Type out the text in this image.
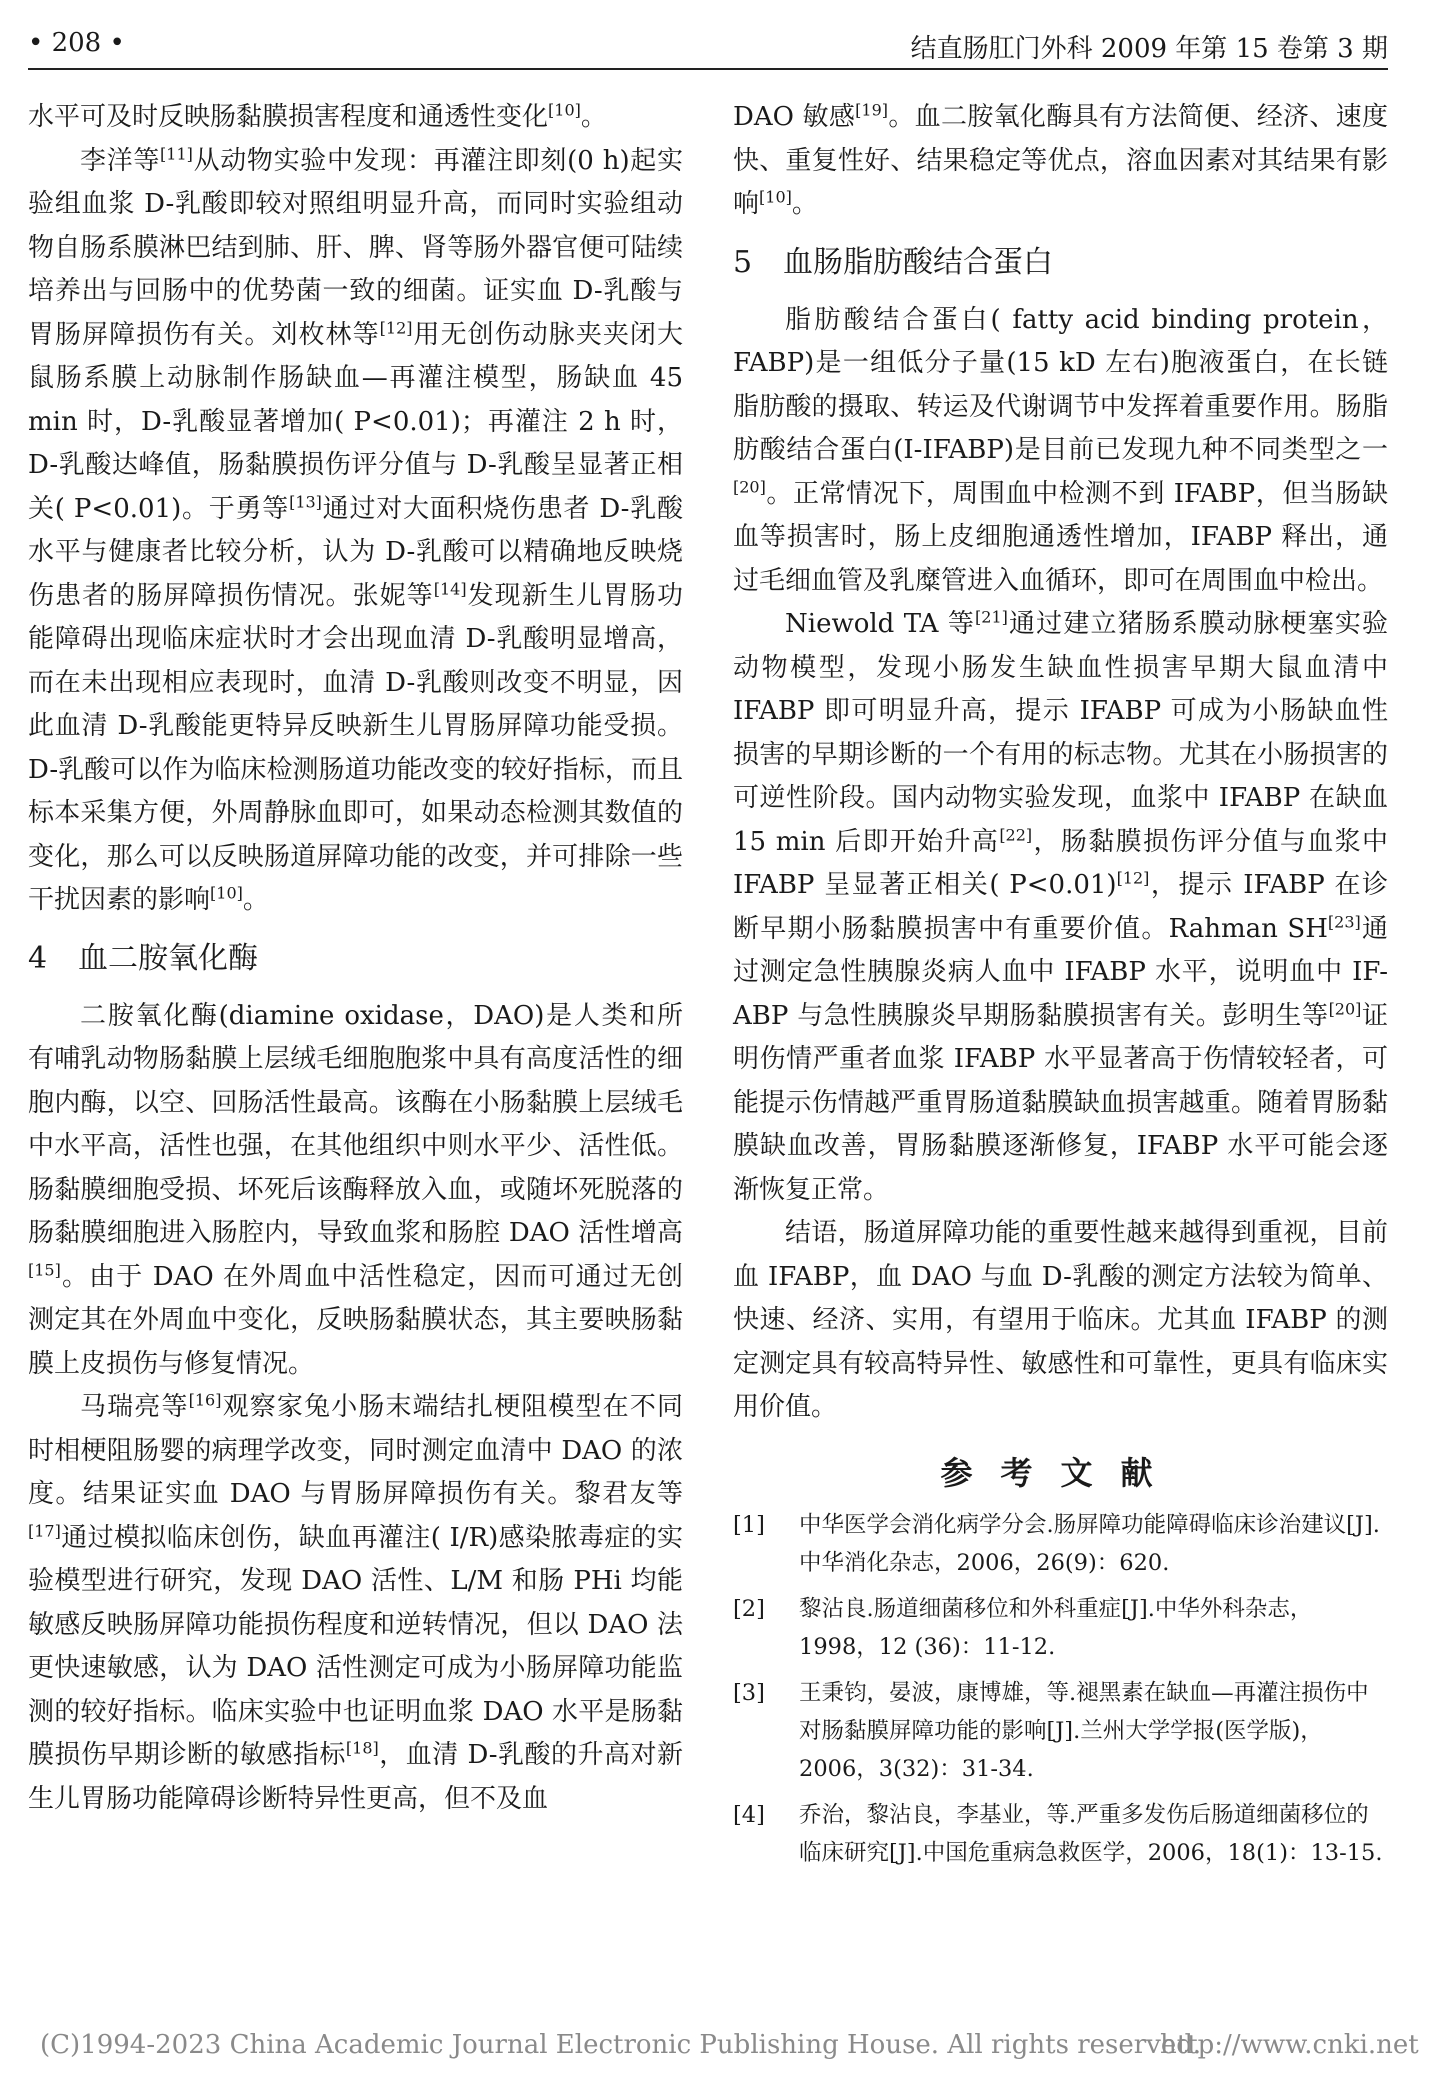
• 208 •	结直肠肛门外科 2009 年第 15 卷第 3 期

水平可及时反映肠黏膜损害程度和通透性变化[10]。

李洋等[11]从动物实验中发现：再灌注即刻(0 h)起实验组血浆 D-乳酸即较对照组明显升高，而同时实验组动物自肠系膜淋巴结到肺、肝、脾、肾等肠外器官便可陆续培养出与回肠中的优势菌一致的细菌。证实血 D-乳酸与胃肠屏障损伤有关。刘枚林等[12]用无创伤动脉夹夹闭大鼠肠系膜上动脉制作肠缺血—再灌注模型，肠缺血 45 min 时，D-乳酸显著增加( P<0.01)；再灌注 2 h 时，D-乳酸达峰值，肠黏膜损伤评分值与 D-乳酸呈显著正相关( P<0.01)。于勇等[13]通过对大面积烧伤患者 D-乳酸水平与健康者比较分析，认为 D-乳酸可以精确地反映烧伤患者的肠屏障损伤情况。张妮等[14]发现新生儿胃肠功能障碍出现临床症状时才会出现血清 D-乳酸明显增高，而在未出现相应表现时，血清 D-乳酸则改变不明显，因此血清 D-乳酸能更特异反映新生儿胃肠屏障功能受损。D-乳酸可以作为临床检测肠道功能改变的较好指标，而且标本采集方便，外周静脉血即可，如果动态检测其数值的变化，那么可以反映肠道屏障功能的改变，并可排除一些干扰因素的影响[10]。

4 血二胺氧化酶

二胺氧化酶(diamine oxidase，DAO)是人类和所有哺乳动物肠黏膜上层绒毛细胞胞浆中具有高度活性的细胞内酶，以空、回肠活性最高。该酶在小肠黏膜上层绒毛中水平高，活性也强，在其他组织中则水平少、活性低。肠黏膜细胞受损、坏死后该酶释放入血，或随坏死脱落的肠黏膜细胞进入肠腔内，导致血浆和肠腔 DAO 活性增高[15]。由于 DAO 在外周血中活性稳定，因而可通过无创测定其在外周血中变化，反映肠黏膜状态，其主要映肠黏膜上皮损伤与修复情况。

马瑞亮等[16]观察家兔小肠末端结扎梗阻模型在不同时相梗阻肠婴的病理学改变，同时测定血清中 DAO 的浓度。结果证实血 DAO 与胃肠屏障损伤有关。黎君友等[17]通过模拟临床创伤，缺血再灌注( I/R)感染脓毒症的实验模型进行研究，发现 DAO 活性、L/M 和肠 PHi 均能敏感反映肠屏障功能损伤程度和逆转情况，但以 DAO 法更快速敏感，认为 DAO 活性测定可成为小肠屏障功能监测的较好指标。临床实验中也证明血浆 DAO 水平是肠黏膜损伤早期诊断的敏感指标[18]，血清 D-乳酸的升高对新生儿胃肠功能障碍诊断特异性更高，但不及血

DAO 敏感[19]。血二胺氧化酶具有方法简便、经济、速度快、重复性好、结果稳定等优点，溶血因素对其结果有影响[10]。

5 血肠脂肪酸结合蛋白

脂肪酸结合蛋白( fatty acid binding protein，FABP)是一组低分子量(15 kD 左右)胞液蛋白，在长链脂肪酸的摄取、转运及代谢调节中发挥着重要作用。肠脂肪酸结合蛋白(I-IFABP)是目前已发现九种不同类型之一[20]。正常情况下，周围血中检测不到 IFABP，但当肠缺血等损害时，肠上皮细胞通透性增加，IFABP 释出，通过毛细血管及乳糜管进入血循环，即可在周围血中检出。

Niewold TA 等[21]通过建立猪肠系膜动脉梗塞实验动物模型，发现小肠发生缺血性损害早期大鼠血清中 IFABP 即可明显升高，提示 IFABP 可成为小肠缺血性损害的早期诊断的一个有用的标志物。尤其在小肠损害的可逆性阶段。国内动物实验发现，血浆中 IFABP 在缺血 15 min 后即开始升高[22]，肠黏膜损伤评分值与血浆中 IFABP 呈显著正相关( P<0.01)[12]，提示 IFABP 在诊断早期小肠黏膜损害中有重要价值。Rahman SH[23]通过测定急性胰腺炎病人血中 IFABP 水平，说明血中 IF-ABP 与急性胰腺炎早期肠黏膜损害有关。彭明生等[20]证明伤情严重者血浆 IFABP 水平显著高于伤情较轻者，可能提示伤情越严重胃肠道黏膜缺血损害越重。随着胃肠黏膜缺血改善，胃肠黏膜逐渐修复，IFABP 水平可能会逐渐恢复正常。

结语，肠道屏障功能的重要性越来越得到重视，目前血 IFABP，血 DAO 与血 D-乳酸的测定方法较为简单、快速、经济、实用，有望用于临床。尤其血 IFABP 的测定测定具有较高特异性、敏感性和可靠性，更具有临床实用价值。

参考文献
[1] 中华医学会消化病学分会.肠屏障功能障碍临床诊治建议[J].中华消化杂志，2006，26(9)：620.
[2] 黎沾良.肠道细菌移位和外科重症[J].中华外科杂志，1998，12 (36)：11-12.
[3] 王秉钧，晏波，康博雄，等.褪黑素在缺血—再灌注损伤中对肠黏膜屏障功能的影响[J].兰州大学学报(医学版)，2006，3(32)：31-34.
[4] 乔治，黎沾良，李基业，等.严重多发伤后肠道细菌移位的临床研究[J].中国危重病急救医学，2006，18(1)：13-15.
(C)1994-2023 China Academic Journal Electronic Publishing House. All rights reserved.
http://www.cnki.net
